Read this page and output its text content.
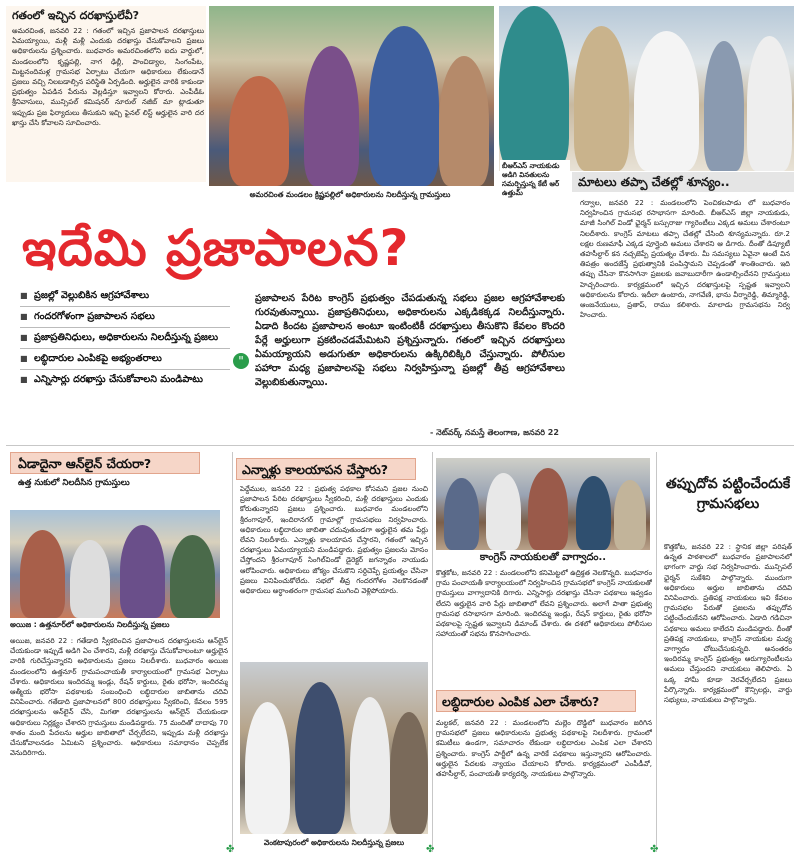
గతంలో ఇచ్చిన దరఖాస్తులేవీ?
అమరచింత, జనవరి 22 : గతంలో ఇచ్చిన ప్రజాపాలన దరఖాస్తులు ఏమయ్యాయి, మళ్లీ మళ్లీ ఎందుకు దరఖాస్తు చేసుకోవాలని ప్రజలు అధికారులను ప్రశ్నించారు. బుధవారం అమరచింతలోని ఐదు వార్డులో, మండలంలోని కృష్ణపల్లి, నాగ ఢిల్లీ, పాంచిడ్యాల, సింగంపేట, మిట్టనందిమళ్ల గ్రామసభ ఏర్పాటు చేయగా అధికారులు లేకుండానే ప్రజలు వచ్చి నిలబడాల్సిన పరిస్థితి ఏర్పడింది. అర్హులైన వారికి కాకుండా ప్రభుత్వం ఏపడిన పేరును వెల్లడిస్తూ ఇవ్వాలని కోరారు. ఎంపీడీఓ శ్రీనివాసులు, మున్సిపల్ కమిషనర్ నూరుల్ నజీబ్ మా ట్లాడుతూ ఇప్పుడు ప్రజ ఫిర్యాదులు తీసుకుని ఇచ్చి ఫైనల్ లిస్ట్ అర్హులైన వారి దర ఖాస్తు చేసి కోవాలని సూచించారు.
అమరచింత మండలం క్రిష్ణపల్లిలో అధికారులను నిలదీస్తున్న గ్రామస్తులు
బీఆర్ఎస్ నాయకుడు ఆడిగి వినతులను సమర్పిస్తున్న కేటీ ఆర్ ఉత్తుమ్
మాటలు తప్పా చేతల్లో శూన్యం..
గద్వాల, జనవరి 22 : మండలంలోని పెంచికలపాడు లో బుధవారం నిర్వహించిన గ్రామసభ రసాభాసగా మారింది. బీఆర్ఎస్ జిల్లా నాయకుడు, మాజీ సింగిల్ విండో ఛైర్మన్ బస్సురాజు గ్యారెంటీలు ఎక్కడ అమలు చేశారంటూ నిలదీశారు. కాంగ్రెస్ మాటలు తప్పా చేతల్లో చేసింది శూన్యమన్నారు. రూ.2 లక్షల రుణమాఫీ ఎక్కడ పూర్తైంది అమలు చేశారని ఆ డిగారు. దీంతో డిప్యూటీ తహసీల్దార్ కన నచ్చజెప్పే ప్రయత్నం చేశారు. మీ సమస్యలు ఏవైనా అంటే విన తిపత్రం అందజేస్తే ప్రభుత్వానికి పంపిస్తామని చెప్పడంతో శాంతించారు. ఇది తప్పు చేసినా కొనసాగినా ప్రజలకు జవాబుదారీగా ఉండాల్సిందేనని గ్రామస్తులు హెచ్చరించారు. కార్యక్రమంలో ఇచ్చిన దరఖాస్తులపై స్పష్టత ఇవ్వాలని అధికారులను కోరారు. ఇదీలా ఉంటారు, నాగవేణి, భాను వీర్నారెడ్డి, తిమ్మారెడ్డి, ఆంజనేయులు, ప్రతాప్, రాము కలిశారు. మాలాడు గ్రామసభను నిర్వ హించారు.
ఇదేమి ప్రజాపాలన?
■ ప్రజల్లో వెల్లుబికిన ఆగ్రహావేశాలు
■ గందరగోళంగా ప్రజాపాలన సభలు
■ ప్రజాప్రతినిధులు, అధికారులను నిలదీస్తున్న ప్రజలు
■ లబ్ధిదారుల ఎంపికపై అభ్యంతరాలు
■ ఎన్నిసార్లు దరఖాస్తు చేసుకోవాలని మండిపాటు
"
ప్రజాపాలన పేరిట కాంగ్రెస్ ప్రభుత్వం చేపడుతున్న సభలు ప్రజల ఆగ్రహావేశాలకు గురవుతున్నాయి. ప్రజాప్రతినిధులు, అధికారులను ఎక్కడికక్కడ నిలదీస్తున్నారు. ఏడాది కిందట ప్రజాపాలన అంటూ ఇంటింటికీ దరఖాస్తులు తీసుకొని కేవలం కొందరి పేర్లే అర్హులుగా ప్రకటించడమేమిటని ప్రశ్నిస్తున్నారు. గతంలో ఇచ్చిన దరఖాస్తులు ఏమయ్యాయని అడుగుతూ అధికారులను ఉక్కిరిబిక్కిరి చేస్తున్నారు. పోలీసుల పహారా మధ్య ప్రజాపాలనపై సభలు నిర్వహిస్తున్నా ప్రజల్లో తీవ్ర ఆగ్రహావేశాలు వెల్లుబికుతున్నాయి.
- నెట్‌వర్క్ నమస్తే తెలంగాణ, జనవరి 22
ఏడాదైనా ఆన్‌లైన్ చేయరా?
ఉత్త నుకులో నిలదీసిన గ్రామస్తులు
అయిజ : ఉత్తనూర్‌లో అధికారులను నిలదీస్తున్న ప్రజలు
అయిజ, జనవరి 22 : గతేడాది స్వీకరించిన ప్రజాపాలన దరఖాస్తులను ఆన్‌లైన్ చేయకుండా ఇప్పుడే అడిగి ఏం చేశారని, మళ్లీ దరఖాస్తు చేసుకోవాలంటూ అర్హులైన వారికి గురిచేస్తున్నారని అధికారులను ప్రజలు నిలదీశారు. బుధవారం అయిజ మండలంలోని ఉత్తనూర్ గ్రామపంచాయతీ కార్యాలయంలో గ్రామసభ ఏర్పాటు చేశారు. అధికారులు ఇందిరమ్మ ఇండ్లు, రేషన్ కార్డులు, రైతు భరోసా, ఇందిరమ్మ ఆత్మీయ భరోసా పథకాలకు సంబంధించి లబ్ధిదారుల జాబితాను చదివి వినిపించారు. గతేడాది ప్రజాపాలనలో 800 దరఖాస్తులు స్వీకరించి, కేవలం 595 దరఖాస్తులను ఆన్‌లైన్ చేసి, మిగతా దరఖాస్తులను ఆన్‌లైన్ చేయకుండా అధికారులు నిర్లక్ష్యం చేశారని గ్రామస్తులు మండిపడ్డారు. 75 మందితో దాదాపు 70 శాతం మంది పేదలను అర్హుల జాబితాలో చేర్చలేదని, ఇప్పుడు మళ్లీ దరఖాస్తు చేసుకోవాలనడం ఏమిటని ప్రశ్నించారు. అధికారులు సమాధానం చెప్పలేక వెనుదిరిగారు.
ఎన్నాళ్లు కాలయాపన చేస్తారు?
పెద్దేముల, జనవరి 22 : ప్రభుత్వ పథకాల కోసమని ప్రజల నుంచి ప్రజాపాలన పేరిట దరఖాస్తులు స్వీకరించి, మళ్లీ దరఖాస్తులు ఎందుకు కోరుతున్నారని ప్రజలు ప్రశ్నించారు. బుధవారం మండలంలోని శ్రీరంగాపూర్, ఇందిరానగర్ గ్రామాల్లో గ్రామసభలు నిర్వహించారు. అధికారులు లబ్ధిదారుల జాబితా చదువుతుండగా అర్హులైన తమ పేర్లు లేవని నిలదీశారు. ఎన్నాళ్లు కాలయాపన చేస్తారని, గతంలో ఇచ్చిన దరఖాస్తులు ఏమయ్యాయని మండిపడ్డారు. ప్రభుత్వం ప్రజలను మోసం చేస్తోందని శ్రీరంగాపూర్ సింగిల్‌విండో డైరెక్టర్ జగన్నాథం నాయుడు ఆరోపించారు. అధికారులు జోక్యం చేసుకొని సర్దిచెప్పే ప్రయత్నం చేసినా ప్రజలు వినిపించుకోలేదు. సభలో తీవ్ర గందరగోళం నెలకొనడంతో అధికారులు అర్ధాంతరంగా గ్రామసభ ముగించి వెళ్లిపోయారు.
వెంకటాపురంలో అధికారులను నిలదీస్తున్న ప్రజలు
కాంగ్రెస్ నాయకులతో వాగ్వాదం..
కొత్తకోట, జనవరి 22 : మండలంలోని కనిమెట్టలో ఉద్రిక్తత నెలకొన్నది. బుధవారం గ్రామ పంచాయతీ కార్యాలయంలో నిర్వహించిన గ్రామసభలో కాంగ్రెస్ నాయకులతో గ్రామస్తులు వాగ్వాదానికి దిగారు. ఎన్నిసార్లు దరఖాస్తు చేసినా పథకాలు ఇవ్వడం లేదని అర్హులైన వారి పేర్లు జాబితాలో లేవని ప్రశ్నించారు. అలాగే పాతా ప్రభుత్వ గ్రామసభ రసాభాసగా మారింది. ఇందిరమ్మ ఇండ్లు, రేషన్ కార్డులు, రైతు భరోసా పథకాలపై స్పష్టత ఇవ్వాలని డిమాండ్ చేశారు. ఈ దశలో అధికారులు పోలీసుల సహాయంతో సభను కొనసాగించారు.
లబ్ధిదారుల ఎంపిక ఎలా చేశారు?
మల్దకల్, జనవరి 22 : మండలంలోని మల్లెం దొడ్డిలో బుధవారం జరిగిన గ్రామసభలో ప్రజలు అధికారులను ప్రభుత్వ పథకాలపై నిలదీశారు. గ్రామంలో కమిటీలు ఉండగా, సమాచారం లేకుండా లబ్ధిదారుల ఎంపిక ఎలా చేశారని ప్రశ్నించారు. కాంగ్రెస్ పార్టీలో ఉన్న వారికే పథకాలు ఇస్తున్నారని ఆరోపించారు. అర్హులైన పేదలకు న్యాయం చేయాలని కోరారు. కార్యక్రమంలో ఎంపీడీవో, తహసీల్దార్, పంచాయతీ కార్యదర్శి, నాయకులు పాల్గొన్నారు.
తప్పుదోవ పట్టించేందుకే గ్రామసభలు
కొత్తకోట, జనవరి 22 : స్థానిక జిల్లా పరిషత్ ఉన్నత పాఠశాలలో బుధవారం ప్రజాపాలనలో భాగంగా వార్డు సభ నిర్వహించారు. మున్సిపల్ ఛైర్మన్ సుకేశిని పాల్గొన్నారు. ముందుగా అధికారులు అర్హుల జాబితాను చదివి వినిపించారు. ప్రతిపక్ష నాయకులు ఇవి కేవలం గ్రామసభల పేరుతో ప్రజలను తప్పుదోవ పట్టించేందుకేనని ఆరోపించారు. ఏడాది గడిచినా పథకాలు అమలు కాలేదని మండిపడ్డారు. దీంతో ప్రతిపక్ష నాయకులు, కాంగ్రెస్ నాయకుల మధ్య వాగ్వాదం చోటుచేసుకున్నది. అనంతరం ఇందిరమ్మ కాంగ్రెస్ ప్రభుత్వం ఆరుగ్యారెంటీలను అమలు చేస్తుందని నాయకులు తెలిపారు. ఏ ఒక్క హామీ కూడా నెరవేర్చలేదని ప్రజలు పేర్కొన్నారు. కార్యక్రమంలో కౌన్సిలర్లు, వార్డు సభ్యులు, నాయకులు పాల్గొన్నారు.
✤	✤	✤
